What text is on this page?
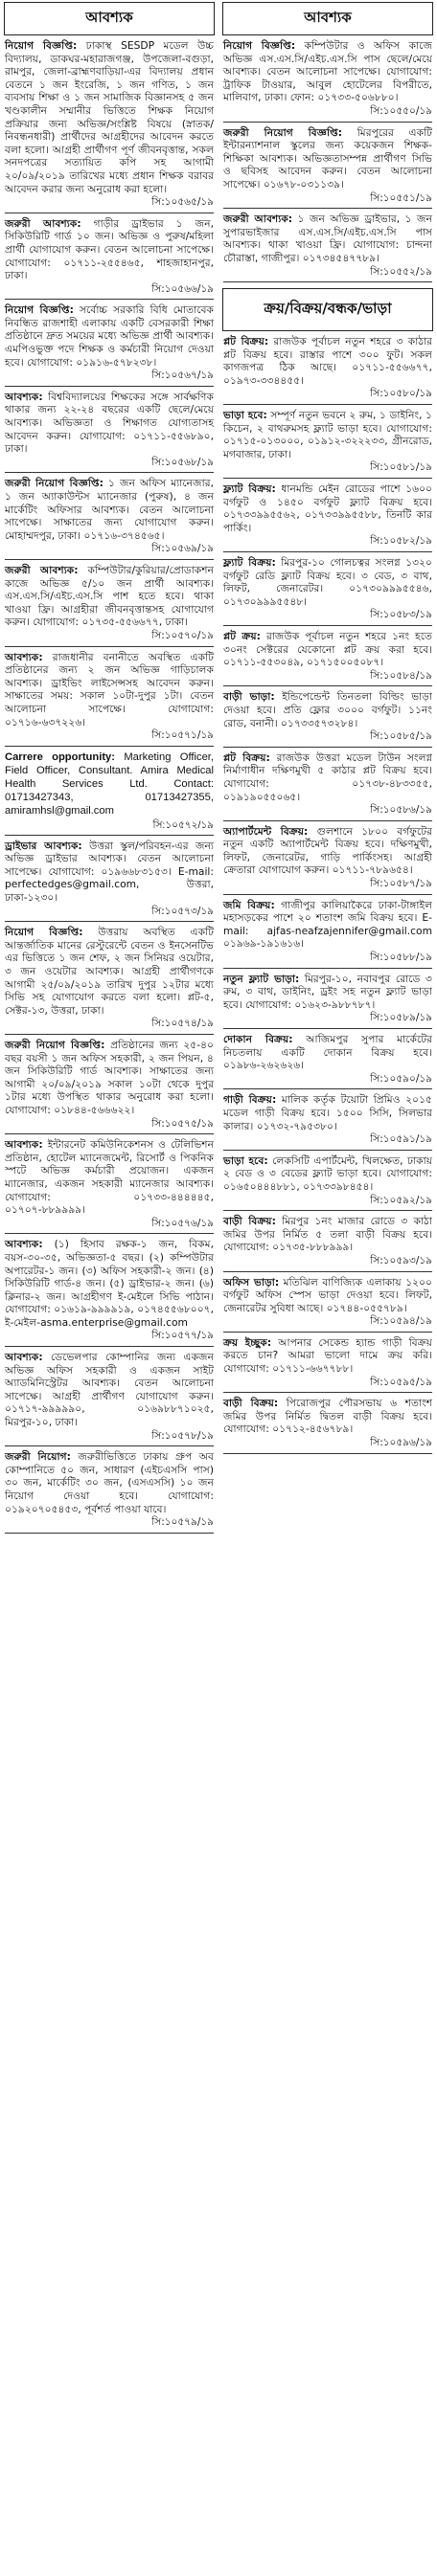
আবশ্যক

নিয়োগ বিজ্ঞপ্তি: ঢাকাস্থ SESDP মডেল উচ্চ বিদ্যালয়, ডাকঘর-মহারাজগঞ্জ, উপজেলা-বগুড়া, রামপুর, জেলা-ব্রাহ্মণবাড়িয়া-এর বিদ্যালয় প্রধান বেতনে ১ জন ইংরেজি, ১ জন গণিত, ১ জন ব্যবসায় শিক্ষা ও ১ জন সামাজিক বিজ্ঞানসহ ৫ জন খণ্ডকালীন সম্মানীর ভিত্তিতে শিক্ষক নিয়োগ প্রক্রিয়ার জন্য অভিজ্ঞ/সংশ্লিষ্ট বিষয়ে (স্নাতক/নিবন্ধনধারী) প্রার্থীদের আগ্রহীদের আবেদন করতে বলা হলো। আগ্রহী প্রার্থীগণ পূর্ণ জীবনবৃত্তান্ত, সকল সনদপত্রের সত্যায়িত কপি সহ আগামী ২০/০৯/২০১৯ তারিখের মধ্যে প্রধান শিক্ষক বরাবর আবেদন করার জন্য অনুরোধ করা হলো।

সি:১০৫৬৫/১৯

জরুরী আবশ্যক: গাড়ীর ড্রাইভার ১ জন, সিকিউরিটি গার্ড ১০ জন। অভিজ্ঞ ও পুরুষ/মহিলা প্রার্থী যোগাযোগ করুন। বেতন আলোচনা সাপেক্ষে। যোগাযোগ: ০১৭১১-২৫৫৪৬৫, শাহজাহানপুর, ঢাকা।

সি:১০৫৬৬/১৯

নিয়োগ বিজ্ঞপ্তি: সর্বোচ্চ সরকারি বিধি মোতাবেক নিবন্ধিত রাজশাহী এলাকায় একটি বেসরকারী শিক্ষা প্রতিষ্ঠানে দ্রুত সময়ের মধ্যে অভিজ্ঞ প্রার্থী আবশ্যক। এমপিওভুক্ত পদে শিক্ষক ও কর্মচারী নিয়োগ দেওয়া হবে। যোগাযোগ: ০১৯১৬-৫৭৮২৩৮।

সি:১০৫৬৭/১৯

আবশ্যক: বিশ্ববিদ্যালয়ের শিক্ষকের সঙ্গে সার্বক্ষণিক থাকার জন্য ২২-২৪ বছরের একটি ছেলে/মেয়ে আবশ্যক। অভিজ্ঞতা ও শিক্ষাগত যোগ্যতাসহ আবেদন করুন। যোগাযোগ: ০১৭১১-৫৫৬৮৯০, ঢাকা।

সি:১০৫৬৮/১৯

জরুরী নিয়োগ বিজ্ঞপ্তি: ১ জন অফিস ম্যানেজার, ১ জন অ্যাকাউন্টস ম্যানেজার (পুরুষ), ৪ জন মার্কেটিং অফিসার আবশ্যক। বেতন আলোচনা সাপেক্ষে। সাক্ষাতের জন্য যোগাযোগ করুন। মোহাম্মদপুর, ঢাকা। ০১৭১৬-৩৭৪৫৬৫।

সি:১০৫৬৯/১৯

জরুরী আবশ্যক: কম্পিউটার/কুরিয়ার/প্রোডাকশন কাজে অভিজ্ঞ ৫/১০ জন প্রার্থী আবশ্যক। এস.এস.সি/এইচ.এস.সি পাশ হতে হবে। থাকা খাওয়া ফ্রি। আগ্রহীরা জীবনবৃত্তান্তসহ যোগাযোগ করুন। যোগাযোগ: ০১৭৩৫-৫৫৬৬৭৭, ঢাকা।

সি:১০৫৭০/১৯

আবশ্যক: রাজধানীর বনানীতে অবস্থিত একটি প্রতিষ্ঠানের জন্য ২ জন অভিজ্ঞ গাড়িচালক আবশ্যক। ড্রাইভিং লাইসেন্সসহ আবেদন করুন। সাক্ষাতের সময়: সকাল ১০টা-দুপুর ১টা। বেতন আলোচনা সাপেক্ষে। যোগাযোগ: ০১৭১৬-৬৩৭২২৬।

সি:১০৫৭১/১৯

Carrere opportunity: Marketing Officer, Field Officer, Consultant. Amira Medical Health Services Ltd. Contact: 01713427343, 01713427355, amiramhsl@gmail.com

সি:১০৫৭২/১৯

ড্রাইভার আবশ্যক: উত্তরা স্কুল/পরিবহন-এর জন্য অভিজ্ঞ ড্রাইভার আবশ্যক। বেতন আলোচনা সাপেক্ষে। যোগাযোগ: ০১৯৬৬৮৩১৫৩। E-mail: perfectedges@gmail.com, উত্তরা, ঢাকা-১২৩০।

সি:১০৫৭৩/১৯

নিয়োগ বিজ্ঞপ্তি: উত্তরায় অবস্থিত একটি আন্তর্জাতিক মানের রেস্টুরেন্টে বেতন ও ইনসেনটিভ এর ভিত্তিতে ১ জন শেফ, ২ জন সিনিয়র ওয়েটার, ৩ জন ওয়েটার আবশ্যক। আগ্রহী প্রার্থীগণকে আগামী ২৫/০৯/২০১৯ তারিখ দুপুর ১২টার মধ্যে সিভি সহ যোগাযোগ করতে বলা হলো। প্লট-৫, সেক্টর-১৩, উত্তরা, ঢাকা।

সি:১০৫৭৪/১৯

জরুরী নিয়োগ বিজ্ঞপ্তি: প্রতিষ্ঠানের জন্য ২৫-৪০ বছর বয়সী ১ জন অফিস সহকারী, ২ জন পিয়ন, ৪ জন সিকিউরিটি গার্ড আবশ্যক। সাক্ষাতের জন্য আগামী ২০/০৯/২০১৯ সকাল ১০টা থেকে দুপুর ১টার মধ্যে উপস্থিত থাকার অনুরোধ করা হলো। যোগাযোগ: ০১৮৪৪-৫৬৬৬২২।

সি:১০৫৭৫/১৯

আবশ্যক: ইন্টারনেট কমিউনিকেশনস ও টেলিভিশন প্রতিষ্ঠান, হোটেল ম্যানেজমেন্ট, রিসোর্ট ও পিকনিক স্পটে অভিজ্ঞ কর্মচারী প্রয়োজন। একজন ম্যানেজার, একজন সহকারী ম্যানেজার আবশ্যক। যোগাযোগ: ০১৭৩৩-৪৪৪৪৪৫, ০১৭০৭-৮৮৯৯৯৯।

সি:১০৫৭৬/১৯

আবশ্যক: (১) হিসাব রক্ষক-১ জন, বিকম, বয়স-৩০-৩৫, অভিজ্ঞতা-৫ বছর। (২) কম্পিউটার অপারেটর-১ জন। (৩) অফিস সহকারী-২ জন। (৪) সিকিউরিটি গার্ড-৪ জন। (৫) ড্রাইভার-২ জন। (৬) ক্লিনার-২ জন। আগ্রহীগণ ই-মেইলে সিভি পাঠান। যোগাযোগ: ০১৬১৯-৯৯৯৯১৯, ০১৭৪৫৫৬৮০০৭, ই-মেইল-asma.enterprise@gmail.com

সি:১০৫৭৭/১৯

আবশ্যক: ডেভেলপার কোম্পানির জন্য একজন অভিজ্ঞ অফিস সহকারী ও একজন সাইট অ্যাডমিনিস্ট্রেটর আবশ্যক। বেতন আলোচনা সাপেক্ষে। আগ্রহী প্রার্থীগণ যোগাযোগ করুন। ০১৭১৭-৯৯৯৯৯০, ০১৬৯৮৮৭১০২৫, মিরপুর-১০, ঢাকা।

সি:১০৫৭৮/১৯

জরুরী নিয়োগ: জরুরীভিত্তিতে ঢাকায় গ্রুপ অব কোম্পানিতে ৫০ জন, সাধারণ (এইচএসসি পাস) ৩০ জন, মার্কেটিং ৩০ জন, (এসএসসি) ১০ জন নিয়োগ দেওয়া হবে। যোগাযোগ: ০১৯২০৭০৫৪৫৩, পূর্বশর্ত পাওয়া যাবে।

সি:১০৫৭৯/১৯
আবশ্যক

নিয়োগ বিজ্ঞপ্তি: কম্পিউটার ও অফিস কাজে অভিজ্ঞ এস.এস.সি/এইচ.এস.সি পাস ছেলে/মেয়ে আবশ্যক। বেতন আলোচনা সাপেক্ষে। যোগাযোগ: ট্রাফিক টাওয়ার, আবুল হোটেলের বিপরীতে, মালিবাগ, ঢাকা। ফোন: ০১৭৩৩-৫০৬৮৮০।

সি:১০৫৫০/১৯

জরুরী নিয়োগ বিজ্ঞপ্তি: মিরপুরের একটি ইন্টারন্যাশনাল স্কুলের জন্য কয়েকজন শিক্ষক-শিক্ষিকা আবশ্যক। অভিজ্ঞতাসম্পন্ন প্রার্থীগণ সিভি ও ছবিসহ আবেদন করুন। বেতন আলোচনা সাপেক্ষে। ০১৬৭৮-০৩১১৩৯।

সি:১০৫৫১/১৯

জরুরী আবশ্যক: ১ জন অভিজ্ঞ ড্রাইভার, ১ জন সুপারভাইজার এস.এস.সি/এইচ.এস.সি পাস আবশ্যক। থাকা খাওয়া ফ্রি। যোগাযোগ: চান্দনা চৌরাস্তা, গাজীপুর। ০১৭৩৪৫৪৭৭৮৯।

সি:১০৫৫২/১৯
ক্রয়/বিক্রয়/বন্ধক/ভাড়া

প্লট বিক্রয়: রাজউক পূর্বাচল নতুন শহরে ৩ কাঠার প্লট বিক্রয় হবে। রাস্তার পাশে ৩০০ ফুট। সকল কাগজপত্র ঠিক আছে। ০১৭১১-৫৫৬৬৭৭, ০১৯৭৩-৩৩৪৪৫৫।

সি:১০৫৮০/১৯

ভাড়া হবে: সম্পূর্ণ নতুন ভবনে ২ রুম, ১ ডাইনিং, ১ কিচেন, ২ বাথরুমসহ ফ্ল্যাট ভাড়া হবে। যোগাযোগ: ০১৭১৫-০১৩০০০, ০১৯১২-৩২২২৩৩, গ্রীনরোড, মগবাজার, ঢাকা।

সি:১০৫৮১/১৯

ফ্ল্যাট বিক্রয়: ধানমন্ডি মেইন রোডের পাশে ১৬০০ বর্গফুট ও ১৪৫০ বর্গফুট ফ্ল্যাট বিক্রয় হবে। ০১৭৩৩৯৯৫৫৬২, ০১৭৩৩৯৯৫৫৮৮, তিনটি কার পার্কিং।

সি:১০৫৮২/১৯

ফ্ল্যাট বিক্রয়: মিরপুর-১০ গোলচত্বর সংলগ্ন ১৩২০ বর্গফুট রেডি ফ্ল্যাট বিক্রয় হবে। ৩ বেড, ৩ বাথ, লিফট, জেনারেটর। ০১৭৩০৯৯৯৫৫৪৬, ০১৭৩০৯৯৯৫৫৪৮।

সি:১০৫৮৩/১৯

প্লট ক্রয়: রাজউক পূর্বাচল নতুন শহরে ১নং হতে ৩০নং সেক্টরের যেকোনো প্লট ক্রয় করা হবে। ০১৭১১-৫৫৩০৪৯, ০১৭১৫০০৫০৮৭।

সি:১০৫৮৪/১৯

বাড়ী ভাড়া: ইন্ডিপেন্ডেন্ট তিনতলা বিল্ডিং ভাড়া দেওয়া হবে। প্রতি ফ্লোর ৩০০০ বর্গফুট। ১১নং রোড, বনানী। ০১৭৩৩৫৭৩২৮৪।

সি:১০৫৮৫/১৯

প্লট বিক্রয়: রাজউক উত্তরা মডেল টাউন সংলগ্ন নির্মাণাধীন দক্ষিণমুখী ৫ কাঠার প্লট বিক্রয় হবে। যোগাযোগ: ০১৭৩৮-৪৮৩৩৫৫, ০১৯১৯০৫৫০৬৫।

সি:১০৫৮৬/১৯

অ্যাপার্টমেন্ট বিক্রয়: গুলশানে ১৮০০ বর্গফুটের নতুন একটি অ্যাপার্টমেন্ট বিক্রয় হবে। দক্ষিণমুখী, লিফট, জেনারেটর, গাড়ি পার্কিংসহ। আগ্রহী ক্রেতারা যোগাযোগ করুন। ০১৭১১-৭৮৯৬৫৪।

সি:১০৫৮৭/১৯

জমি বিক্রয়: গাজীপুর কালিয়াকৈরে ঢাকা-টাঙ্গাইল মহাসড়কের পাশে ২০ শতাংশ জমি বিক্রয় হবে। E-mail: ajfas-neafzajennifer@gmail.com ০১৯৬৯-১৯১৬১৬।

সি:১০৫৮৮/১৯

নতুন ফ্ল্যাট ভাড়া: মিরপুর-১০, নবাবপুর রোডে ৩ রুম, ৩ বাথ, ডাইনিং, ড্রইং সহ নতুন ফ্ল্যাট ভাড়া হবে। যোগাযোগ: ০১৬২৩-৯৮৮৭৮৭।

সি:১০৫৮৯/১৯

দোকান বিক্রয়: আজিমপুর সুপার মার্কেটের নিচতলায় একটি দোকান বিক্রয় হবে। ০১৯৮৬-২৬২৬২৬।

সি:১০৫৯০/১৯

গাড়ী বিক্রয়: মালিক কর্তৃক টয়োটা প্রিমিও ২০১৫ মডেল গাড়ী বিক্রয় হবে। ১৫০০ সিসি, সিলভার কালার। ০১৭৩২-৭৯৫৩৮০।

সি:১০৫৯১/১৯

ভাড়া হবে: লেকসিটি এপার্টমেন্ট, খিলক্ষেত, ঢাকায় ২ বেড ও ৩ বেডের ফ্ল্যাট ভাড়া হবে। যোগাযোগ: ০১৬৫০৪৪৪৮৮১, ০১৭৩৩৯৮৪৫৪।

সি:১০৫৯২/১৯

বাড়ী বিক্রয়: মিরপুর ১নং মাজার রোডে ৩ কাঠা জমির উপর নির্মিত ৫ তলা বাড়ী বিক্রয় হবে। যোগাযোগ: ০১৭৩৫-৮৮৮৯৯৯।

সি:১০৫৯৩/১৯

অফিস ভাড়া: মতিঝিল বাণিজ্যিক এলাকায় ১২০০ বর্গফুট অফিস স্পেস ভাড়া দেওয়া হবে। লিফট, জেনারেটর সুবিধা আছে। ০১৭৪৪-০৫৫৭৮৯।

সি:১০৫৯৪/১৯

ক্রয় ইচ্ছুক: আপনার সেকেন্ড হ্যান্ড গাড়ী বিক্রয় করতে চান? আমরা ভালো দামে ক্রয় করি। যোগাযোগ: ০১৭১১-৬৬৭৭৮৮।

সি:১০৫৯৫/১৯

বাড়ী বিক্রয়: পিরোজপুর পৌরসভায় ৬ শতাংশ জমির উপর নির্মিত দ্বিতল বাড়ী বিক্রয় হবে। যোগাযোগ: ০১৭১২-৪৫৬৭৮৯।

সি:১০৫৯৬/১৯
